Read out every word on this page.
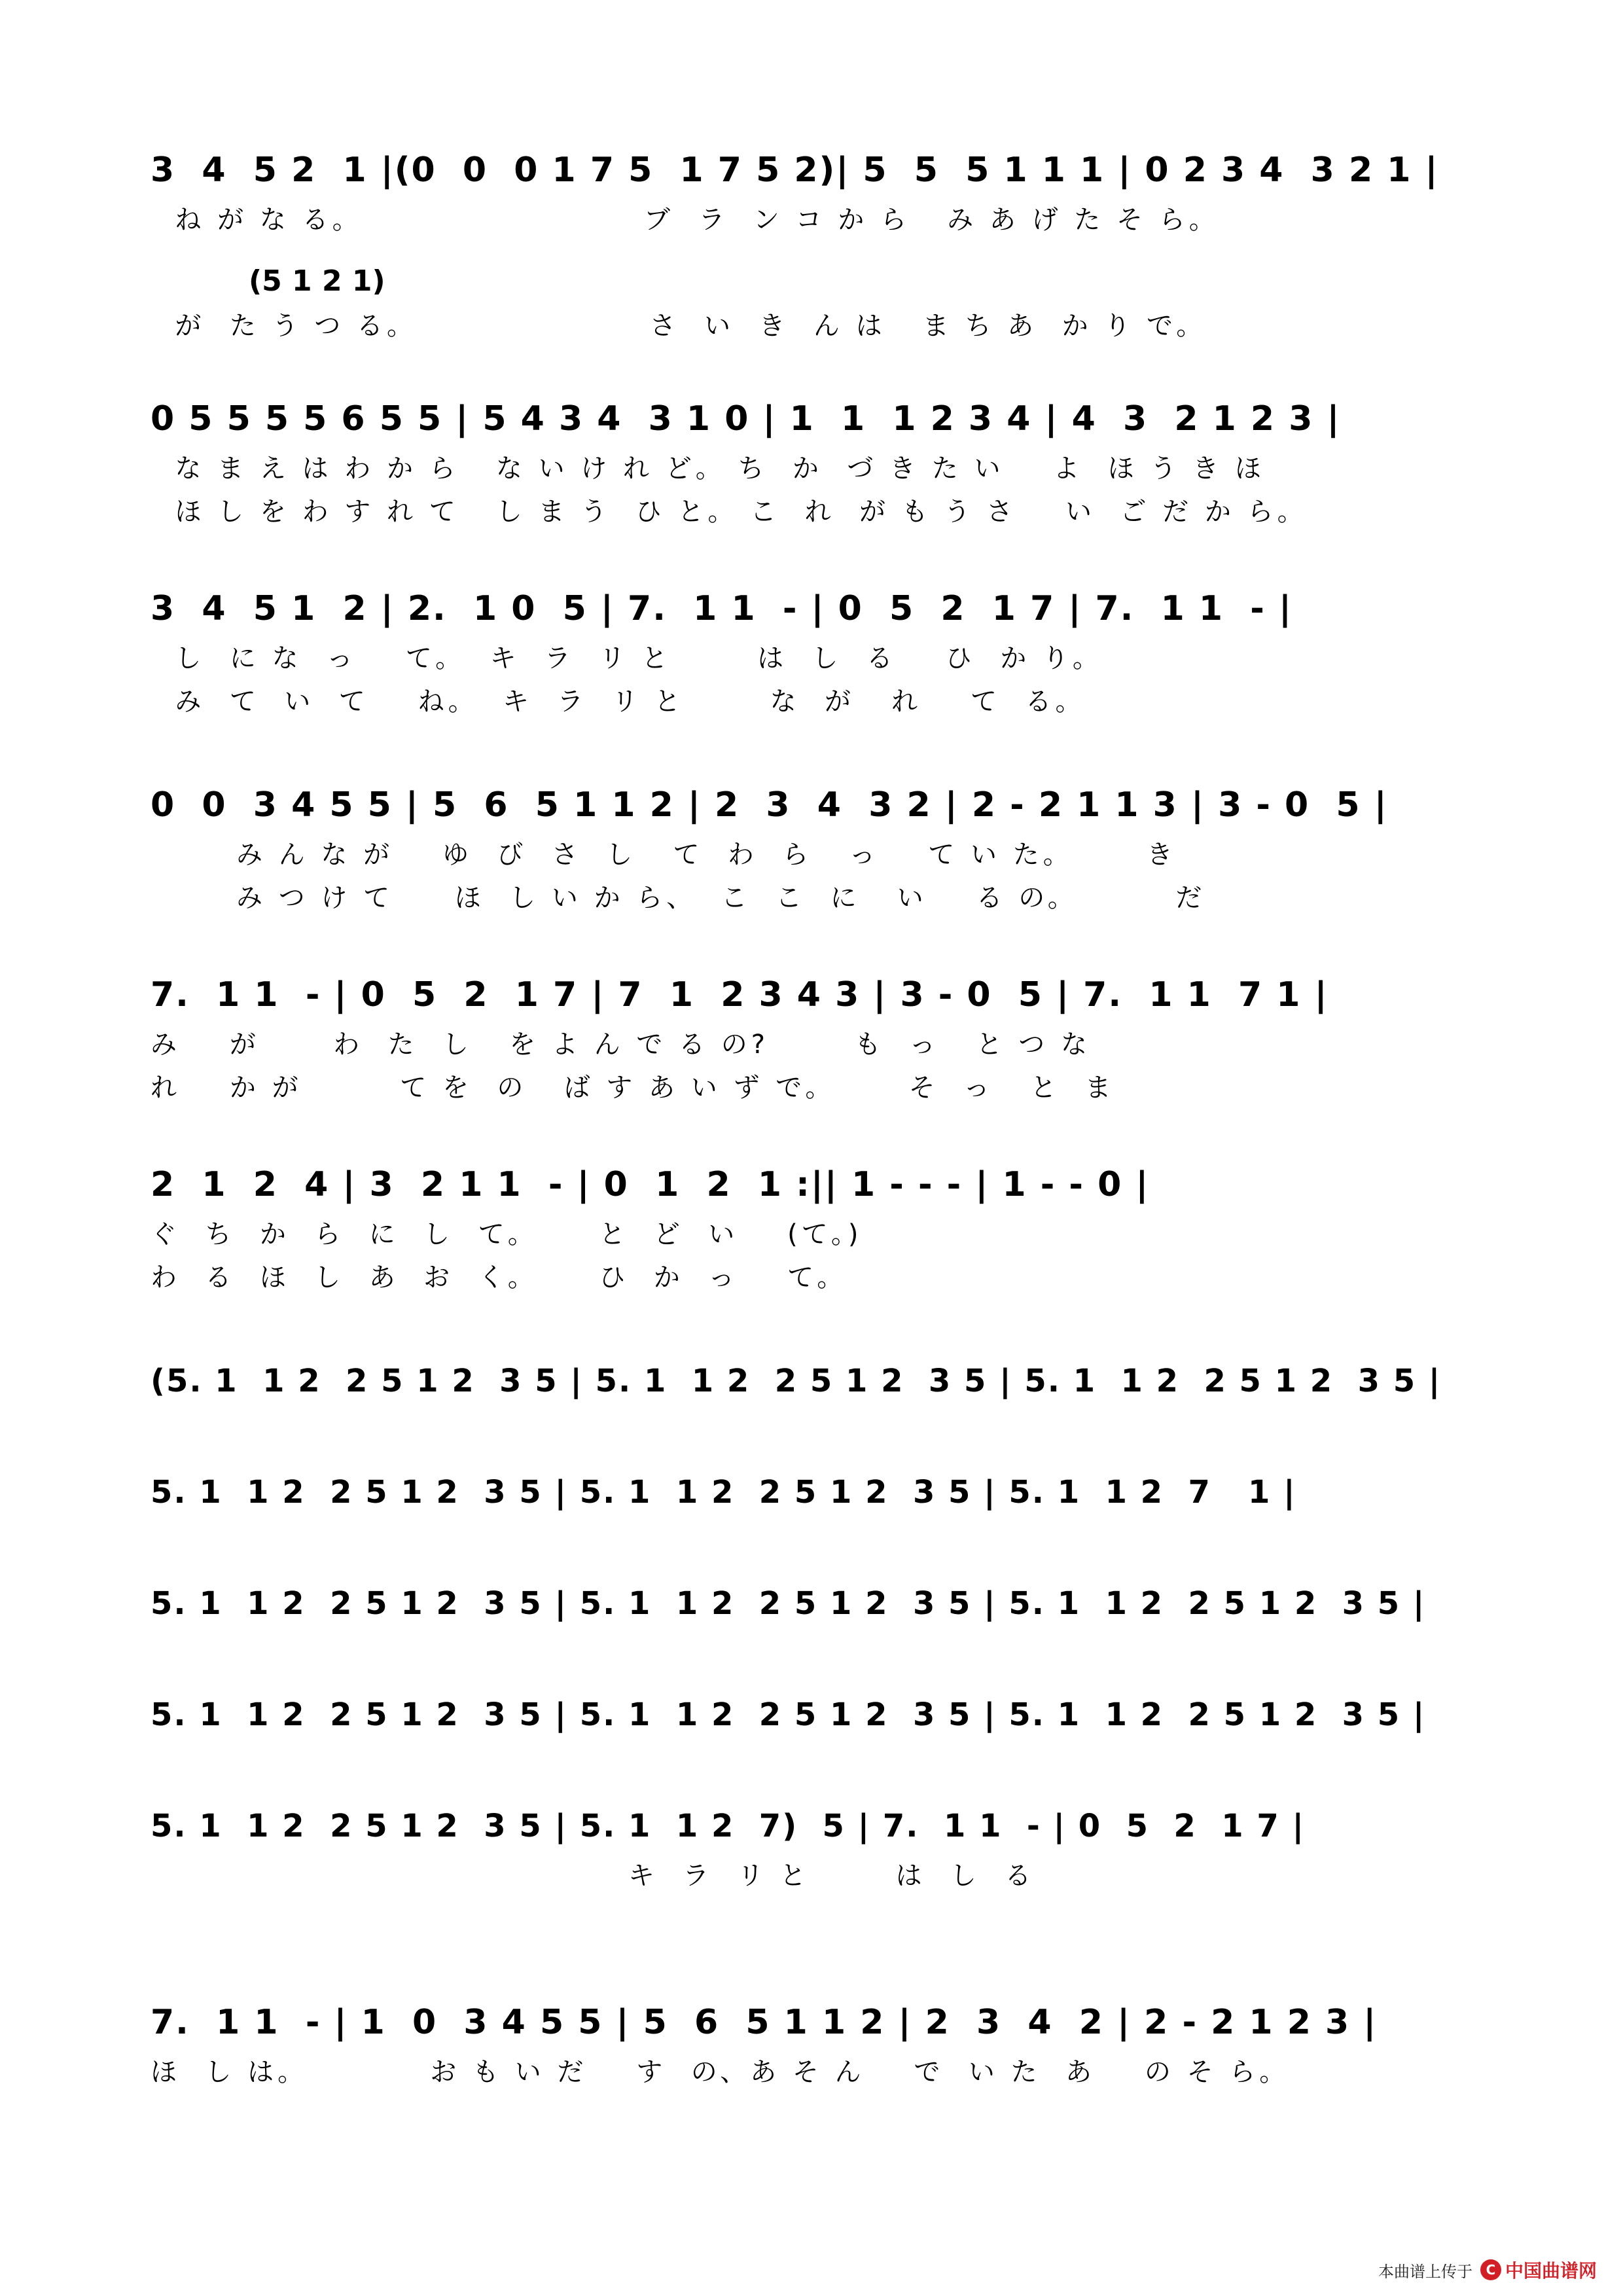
3  4  5 2  1 |(0  0  0 1 7 5  1 7 5 2)| 5  5  5 1 1 1 | 0 2 3 4  3 2 1 |
ね が な る。                       ブ  ラ  ン コ か ら   み あ げ た そ ら。
(5 1 2 1)
が  た う つ る。                   さ  い  き  ん は   ま ち あ  か り で。
0 5 5 5 5 6 5 5 | 5 4 3 4  3 1 0 | 1  1  1 2 3 4 | 4  3  2 1 2 3 |
な ま え は わ か ら   な い け れ ど。 ち  か  づ き た い    よ  ほ う き ほ
ほ し を わ す れ て   し ま う  ひ と。 こ  れ  が も う さ    い  ご だ か ら。
3  4  5 1  2 | 2.  1 0  5 | 7.  1 1  - | 0  5  2  1 7 | 7.  1 1  - |
し  に な  っ    て。  キ  ラ  リ と       は  し  る    ひ  か り。
み  て  い  て    ね。  キ  ラ  リ と       な  が   れ    て  る。
0  0  3 4 5 5 | 5  6  5 1 1 2 | 2  3  4  3 2 | 2 - 2 1 1 3 | 3 - 0  5 |
み ん な が    ゆ  び  さ  し   て  わ  ら   っ    て い た。      き
み つ け て     ほ  し い か ら、  こ  こ  に   い    る の。        だ
7.  1 1  - | 0  5  2  1 7 | 7  1  2 3 4 3 | 3 - 0  5 | 7.  1 1  7 1 |
み    が      わ  た  し   を よ ん で る の?       も  っ   と つ な
れ    か が        て を  の   ば す あ い ず で。      そ  っ   と  ま
2  1  2  4 | 3  2 1 1  - | 0  1  2  1 :|| 1 - - - | 1 - - 0 |
ぐ  ち  か  ら  に  し  て。     と  ど  い    (て。)
わ  る  ほ  し  あ  お  く。     ひ  か  っ    て。
(5. 1  1 2  2 5 1 2  3 5 | 5. 1  1 2  2 5 1 2  3 5 | 5. 1  1 2  2 5 1 2  3 5 |
5. 1  1 2  2 5 1 2  3 5 | 5. 1  1 2  2 5 1 2  3 5 | 5. 1  1 2  7   1 |
5. 1  1 2  2 5 1 2  3 5 | 5. 1  1 2  2 5 1 2  3 5 | 5. 1  1 2  2 5 1 2  3 5 |
5. 1  1 2  2 5 1 2  3 5 | 5. 1  1 2  2 5 1 2  3 5 | 5. 1  1 2  2 5 1 2  3 5 |
5. 1  1 2  2 5 1 2  3 5 | 5. 1  1 2  7)  5 | 7.  1 1  - | 0  5  2  1 7 |
キ  ラ  リ と       は  し  る
7.  1 1  - | 1  0  3 4 5 5 | 5  6  5 1 1 2 | 2  3  4  2 | 2 - 2 1 2 3 |
ほ  し は。          お も い だ    す  の、あ そ ん    で  い た  あ    の そ ら。
本曲谱上传于	C 中国曲谱网
